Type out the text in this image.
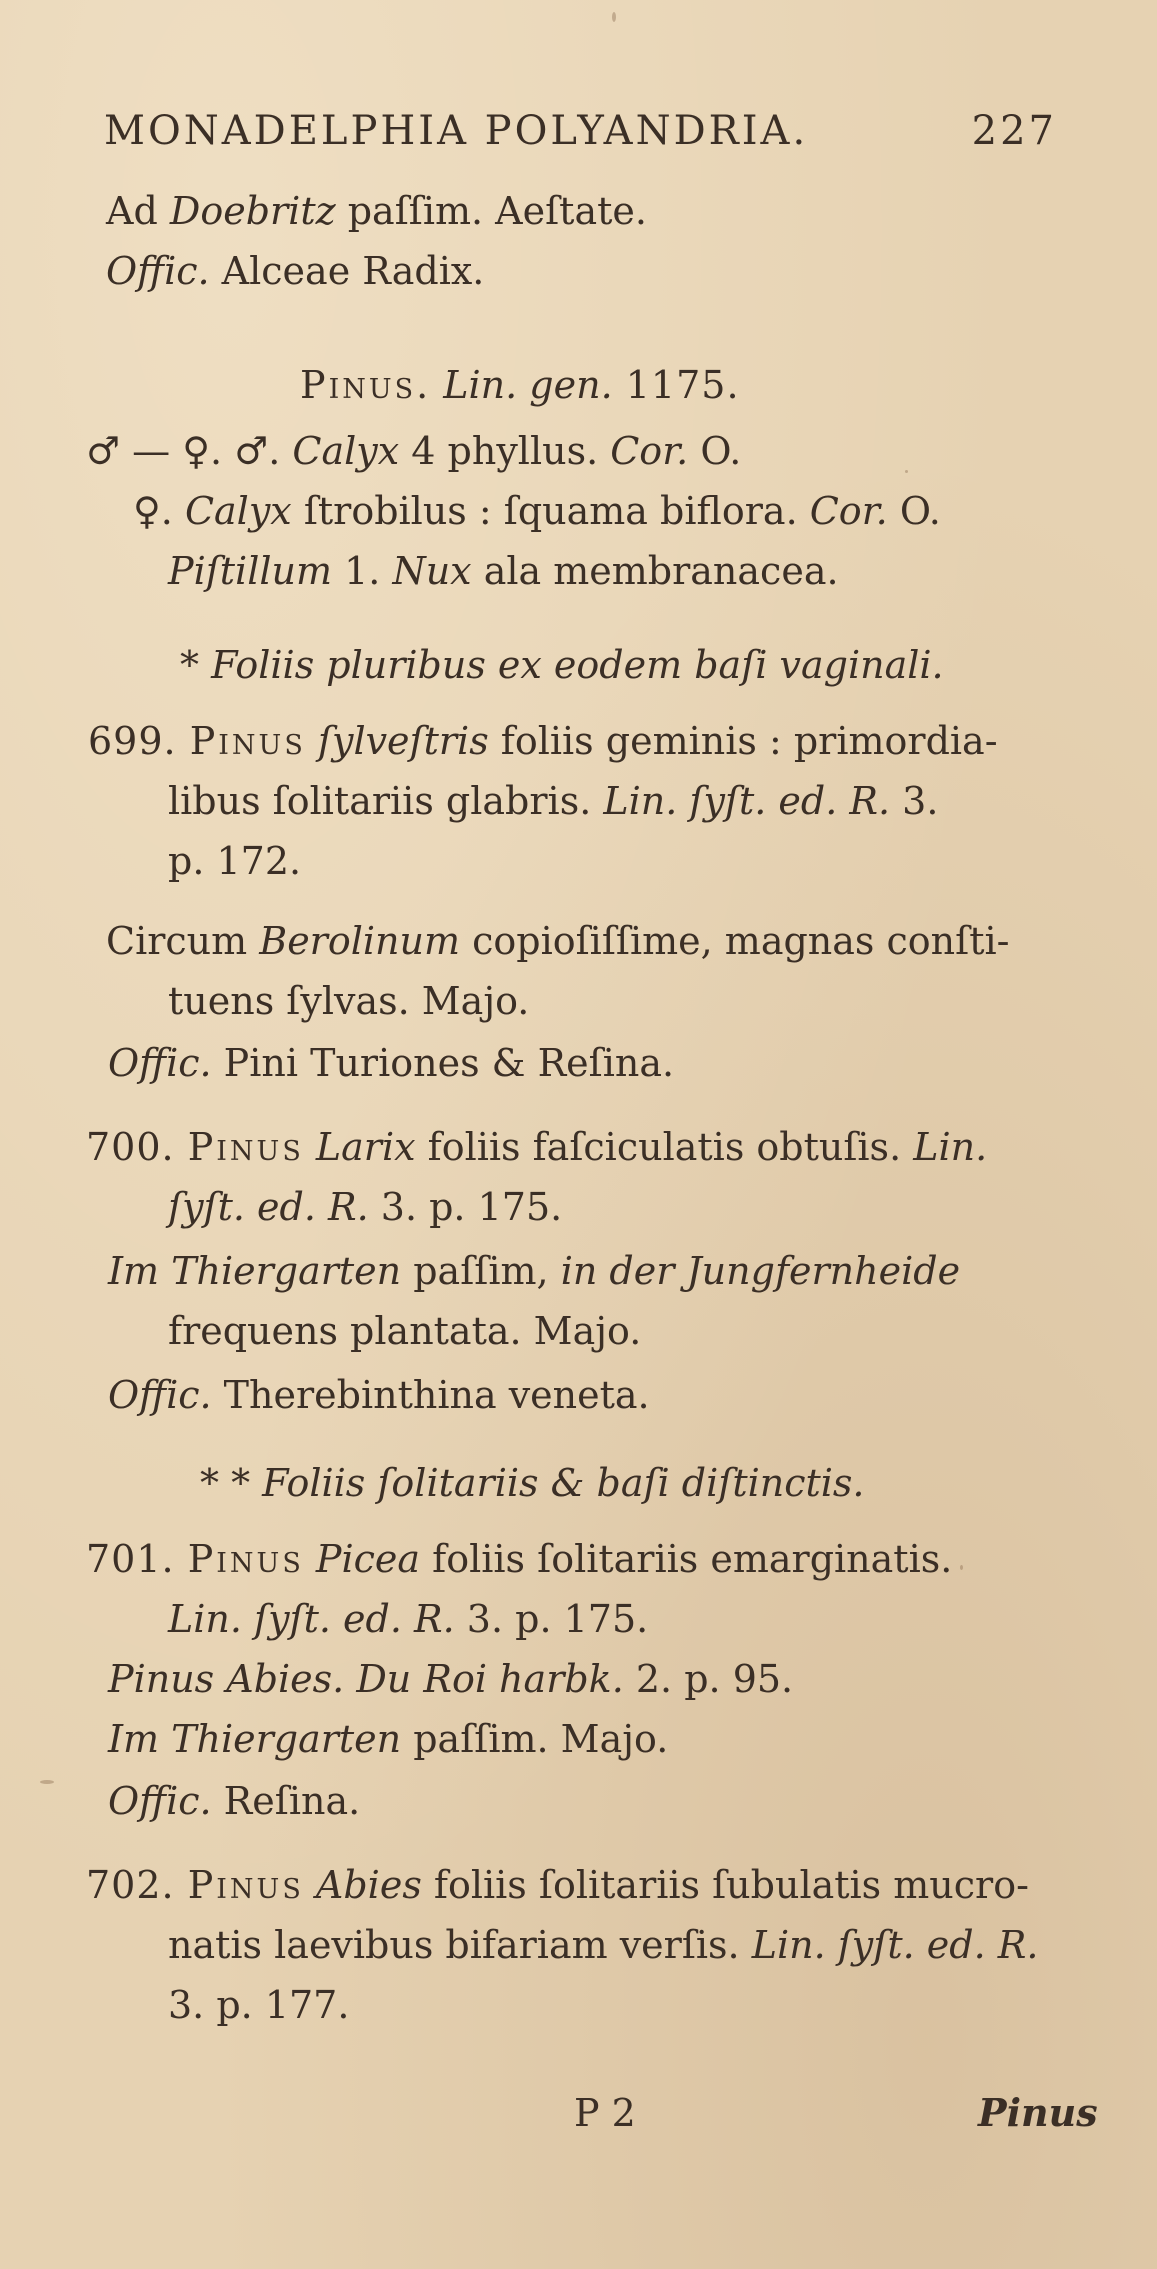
MONADELPHIA POLYANDRIA.	227
Ad Doebritz paſſim. Aeſtate.
Offic. Alceae Radix.
Pinus. Lin. gen. 1175.
♂ — ♀. ♂. Calyx 4 phyllus. Cor. O.
♀. Calyx ſtrobilus : ſquama biflora. Cor. O.
Piſtillum 1. Nux ala membranacea.
* Foliis pluribus ex eodem baſi vaginali.
699. Pinus ſylveſtris foliis geminis : primordia-
libus ſolitariis glabris. Lin. ſyſt. ed. R. 3.
p. 172.
Circum Berolinum copioſiſſime, magnas conſti-
tuens ſylvas. Majo.
Offic. Pini Turiones & Reſina.
700. Pinus Larix foliis faſciculatis obtuſis. Lin.
ſyſt. ed. R. 3. p. 175.
Im Thiergarten paſſim, in der Jungfernheide
frequens plantata. Majo.
Offic. Therebinthina veneta.
* * Foliis ſolitariis & baſi diſtinctis.
701. Pinus Picea foliis ſolitariis emarginatis.
Lin. ſyſt. ed. R. 3. p. 175.
Pinus Abies. Du Roi harbk. 2. p. 95.
Im Thiergarten paſſim. Majo.
Offic. Reſina.
702. Pinus Abies foliis ſolitariis ſubulatis mucro-
natis laevibus bifariam verſis. Lin. ſyſt. ed. R.
3. p. 177.
P 2	Pinus
